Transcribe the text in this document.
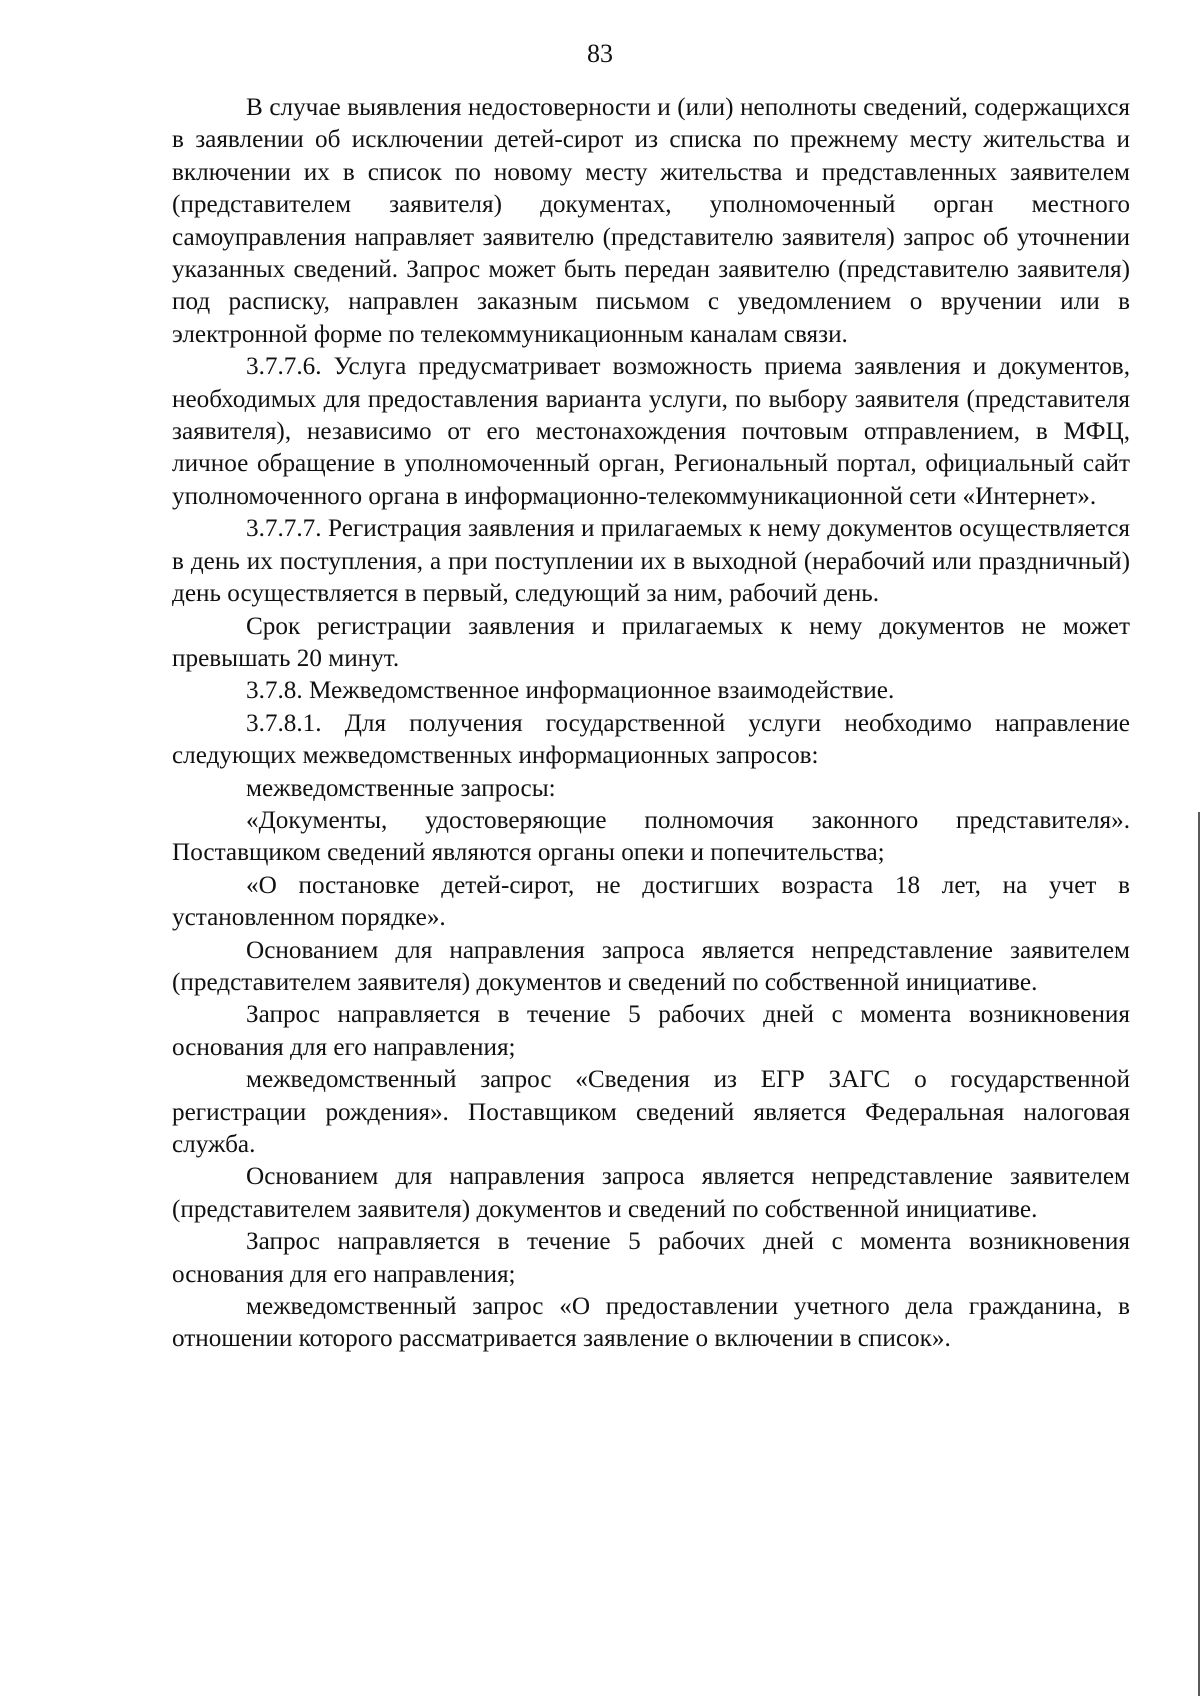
83

В случае выявления недостоверности и (или) неполноты сведений, содержащихся в заявлении об исключении детей-сирот из списка по прежнему месту жительства и включении их в список по новому месту жительства и представленных заявителем (представителем заявителя) документах, уполномоченный орган местного самоуправления направляет заявителю (представителю заявителя) запрос об уточнении указанных сведений. Запрос может быть передан заявителю (представителю заявителя) под расписку, направлен заказным письмом с уведомлением о вручении или в электронной форме по телекоммуникационным каналам связи.

3.7.7.6. Услуга предусматривает возможность приема заявления и документов, необходимых для предоставления варианта услуги, по выбору заявителя (представителя заявителя), независимо от его местонахождения почтовым отправлением, в МФЦ, личное обращение в уполномоченный орган, Региональный портал, официальный сайт уполномоченного органа в информационно-телекоммуникационной сети «Интернет».

3.7.7.7. Регистрация заявления и прилагаемых к нему документов осуществляется в день их поступления, а при поступлении их в выходной (нерабочий или праздничный) день осуществляется в первый, следующий за ним, рабочий день.

Срок регистрации заявления и прилагаемых к нему документов не может превышать 20 минут.

3.7.8. Межведомственное информационное взаимодействие.

3.7.8.1. Для получения государственной услуги необходимо направление следующих межведомственных информационных запросов:

межведомственные запросы:

«Документы, удостоверяющие полномочия законного представителя». Поставщиком сведений являются органы опеки и попечительства;

«О постановке детей-сирот, не достигших возраста 18 лет, на учет в установленном порядке».

Основанием для направления запроса является непредставление заявителем (представителем заявителя) документов и сведений по собственной инициативе.

Запрос направляется в течение 5 рабочих дней с момента возникновения основания для его направления;

межведомственный запрос «Сведения из ЕГР ЗАГС о государственной регистрации рождения». Поставщиком сведений является Федеральная налоговая служба.

Основанием для направления запроса является непредставление заявителем (представителем заявителя) документов и сведений по собственной инициативе.

Запрос направляется в течение 5 рабочих дней с момента возникновения основания для его направления;

межведомственный запрос «О предоставлении учетного дела гражданина, в отношении которого рассматривается заявление о включении в список».
